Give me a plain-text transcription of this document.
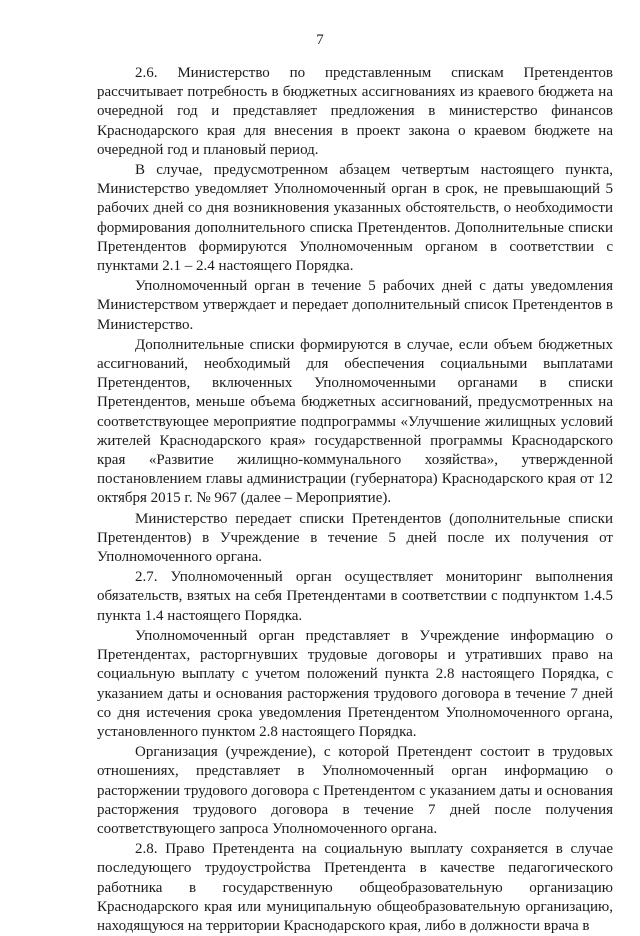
7

2.6. Министерство по представленным спискам Претендентов рассчитывает потребность в бюджетных ассигнованиях из краевого бюджета на очередной год и представляет предложения в министерство финансов Краснодарского края для внесения в проект закона о краевом бюджете на очередной год и плановый период.

В случае, предусмотренном абзацем четвертым настоящего пункта, Министерство уведомляет Уполномоченный орган в срок, не превышающий 5 рабочих дней со дня возникновения указанных обстоятельств, о необходимости формирования дополнительного списка Претендентов. Дополнительные списки Претендентов формируются Уполномоченным органом в соответствии с пунктами 2.1 – 2.4 настоящего Порядка.

Уполномоченный орган в течение 5 рабочих дней с даты уведомления Министерством утверждает и передает дополнительный список Претендентов в Министерство.

Дополнительные списки формируются в случае, если объем бюджетных ассигнований, необходимый для обеспечения социальными выплатами Претендентов, включенных Уполномоченными органами в списки Претендентов, меньше объема бюджетных ассигнований, предусмотренных на соответствующее мероприятие подпрограммы «Улучшение жилищных условий жителей Краснодарского края» государственной программы Краснодарского края «Развитие жилищно-коммунального хозяйства», утвержденной постановлением главы администрации (губернатора) Краснодарского края от 12 октября 2015 г. № 967 (далее – Мероприятие).

Министерство передает списки Претендентов (дополнительные списки Претендентов) в Учреждение в течение 5 дней после их получения от Уполномоченного органа.

2.7. Уполномоченный орган осуществляет мониторинг выполнения обязательств, взятых на себя Претендентами в соответствии с подпунктом 1.4.5 пункта 1.4 настоящего Порядка.

Уполномоченный орган представляет в Учреждение информацию о Претендентах, расторгнувших трудовые договоры и утративших право на социальную выплату с учетом положений пункта 2.8 настоящего Порядка, с указанием даты и основания расторжения трудового договора в течение 7 дней со дня истечения срока уведомления Претендентом Уполномоченного органа, установленного пунктом 2.8 настоящего Порядка.

Организация (учреждение), с которой Претендент состоит в трудовых отношениях, представляет в Уполномоченный орган информацию о расторжении трудового договора с Претендентом с указанием даты и основания расторжения трудового договора в течение 7 дней после получения соответствующего запроса Уполномоченного органа.

2.8. Право Претендента на социальную выплату сохраняется в случае последующего трудоустройства Претендента в качестве педагогического работника в государственную общеобразовательную организацию Краснодарского края или муниципальную общеобразовательную организацию, находящуюся на территории Краснодарского края, либо в должности врача в
